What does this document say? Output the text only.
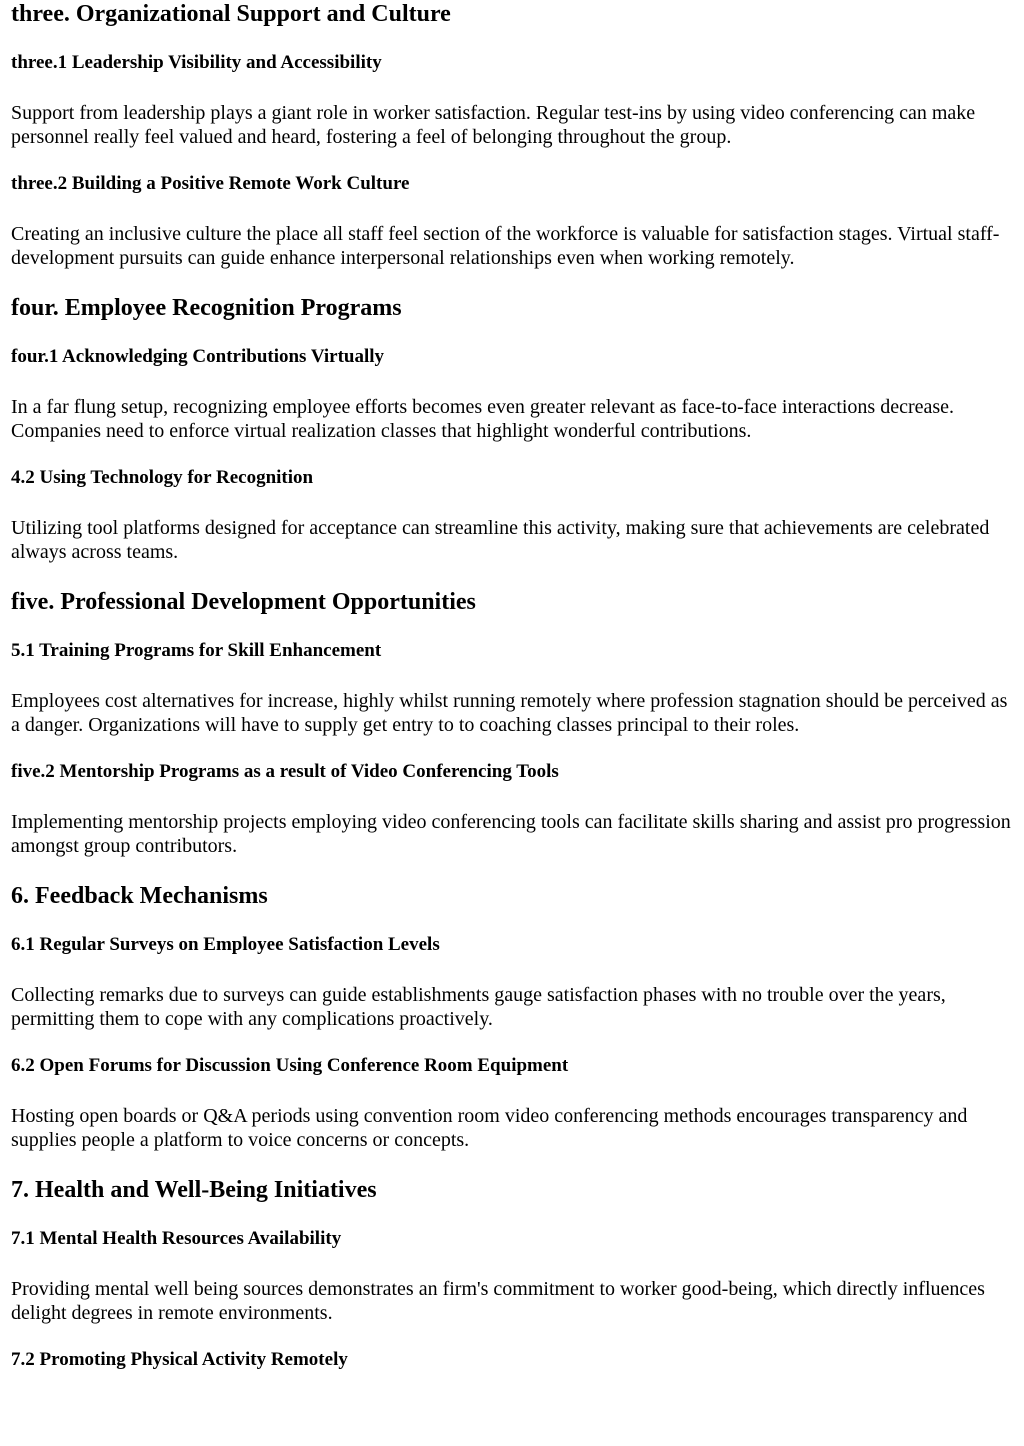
three. Organizational Support and Culture
three.1 Leadership Visibility and Accessibility

Support from leadership plays a giant role in worker satisfaction. Regular test-ins by using video conferencing can make personnel really feel valued and heard, fostering a feel of belonging throughout the group.

three.2 Building a Positive Remote Work Culture

Creating an inclusive culture the place all staff feel section of the workforce is valuable for satisfaction stages. Virtual staff-development pursuits can guide enhance interpersonal relationships even when working remotely.

four. Employee Recognition Programs
four.1 Acknowledging Contributions Virtually

In a far flung setup, recognizing employee efforts becomes even greater relevant as face-to-face interactions decrease. Companies need to enforce virtual realization classes that highlight wonderful contributions.

4.2 Using Technology for Recognition

Utilizing tool platforms designed for acceptance can streamline this activity, making sure that achievements are celebrated always across teams.

five. Professional Development Opportunities
5.1 Training Programs for Skill Enhancement

Employees cost alternatives for increase, highly whilst running remotely where profession stagnation should be perceived as a danger. Organizations will have to supply get entry to to coaching classes principal to their roles.

five.2 Mentorship Programs as a result of Video Conferencing Tools

Implementing mentorship projects employing video conferencing tools can facilitate skills sharing and assist pro progression amongst group contributors.

6. Feedback Mechanisms
6.1 Regular Surveys on Employee Satisfaction Levels

Collecting remarks due to surveys can guide establishments gauge satisfaction phases with no trouble over the years, permitting them to cope with any complications proactively.

6.2 Open Forums for Discussion Using Conference Room Equipment

Hosting open boards or Q&A periods using convention room video conferencing methods encourages transparency and supplies people a platform to voice concerns or concepts.

7. Health and Well-Being Initiatives
7.1 Mental Health Resources Availability

Providing mental well being sources demonstrates an firm's commitment to worker good-being, which directly influences delight degrees in remote environments.

7.2 Promoting Physical Activity Remotely
